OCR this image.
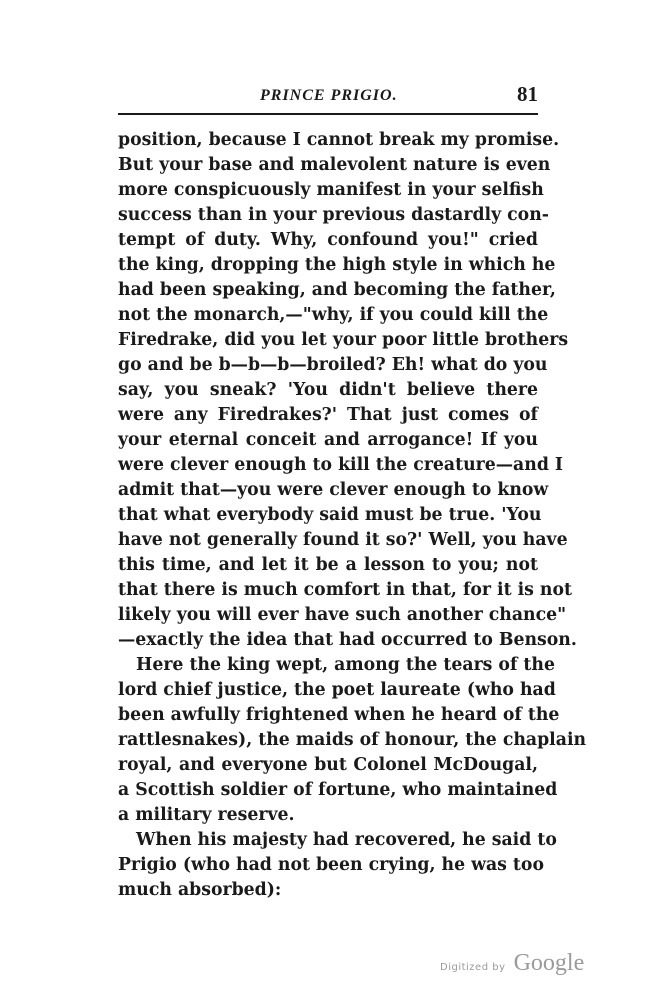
PRINCE PRIGIO.	81
position, because I cannot break my promise.
But your base and malevolent nature is even
more conspicuously manifest in your selfish
success than in your previous dastardly con-
tempt of duty. Why, confound you!" cried
the king, dropping the high style in which he
had been speaking, and becoming the father,
not the monarch,—"why, if you could kill the
Firedrake, did you let your poor little brothers
go and be b—b—b—broiled? Eh! what do you
say, you sneak? 'You didn't believe there
were any Firedrakes?' That just comes of
your eternal conceit and arrogance! If you
were clever enough to kill the creature—and I
admit that—you were clever enough to know
that what everybody said must be true. 'You
have not generally found it so?' Well, you have
this time, and let it be a lesson to you; not
that there is much comfort in that, for it is not
likely you will ever have such another chance"
—exactly the idea that had occurred to Benson.
Here the king wept, among the tears of the
lord chief justice, the poet laureate (who had
been awfully frightened when he heard of the
rattlesnakes), the maids of honour, the chaplain
royal, and everyone but Colonel McDougal,
a Scottish soldier of fortune, who maintained
a military reserve.
When his majesty had recovered, he said to
Prigio (who had not been crying, he was too
much absorbed):
Digitized by Google
